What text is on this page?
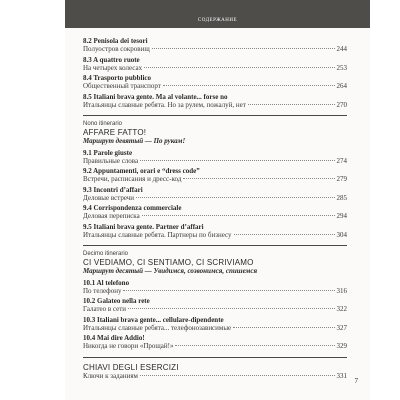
СОДЕРЖАНИЕ
8.2 Penisola dei tesori
Полуостров сокровищ	244
8.3 A quattro ruote
На четырех колесах	253
8.4 Trasporto pubblico
Общественный транспорт	264
8.5 Italiani brava gente. Ma al volante... forse no
Итальянцы славные ребята. Но за рулем, пожалуй, нет	270
Nono itinerario
AFFARE FATTO!
Маршрут девятый — По рукам!
9.1 Parole giuste
Правильные слова	274
9.2 Appuntamenti, orari e “dress code”
Встречи, расписания и дресс-код	279
9.3 Incontri d’affari
Деловые встречи	285
9.4 Corrispondenza commerciale
Деловая переписка	294
9.5 Italiani brava gente. Partner d’affari
Итальянцы славные ребята. Партнеры по бизнесу	304
Decimo itinerario
CI VEDIAMO, CI SENTIAMO, CI SCRIVIAMO
Маршрут десятый — Увидимся, созвонимся, спишемся
10.1 Al telefono
По телефону	316
10.2 Galateo nella rete
Галатео в сети	322
10.3 Italiani brava gente... cellulare-dipendente
Итальянцы славные ребята... телефонозависимые	327
10.4 Mai dire Addio!
Никогда не говори «Прощай!»	329
CHIAVI DEGLI ESERCIZI
Ключи к заданиям	331
7
